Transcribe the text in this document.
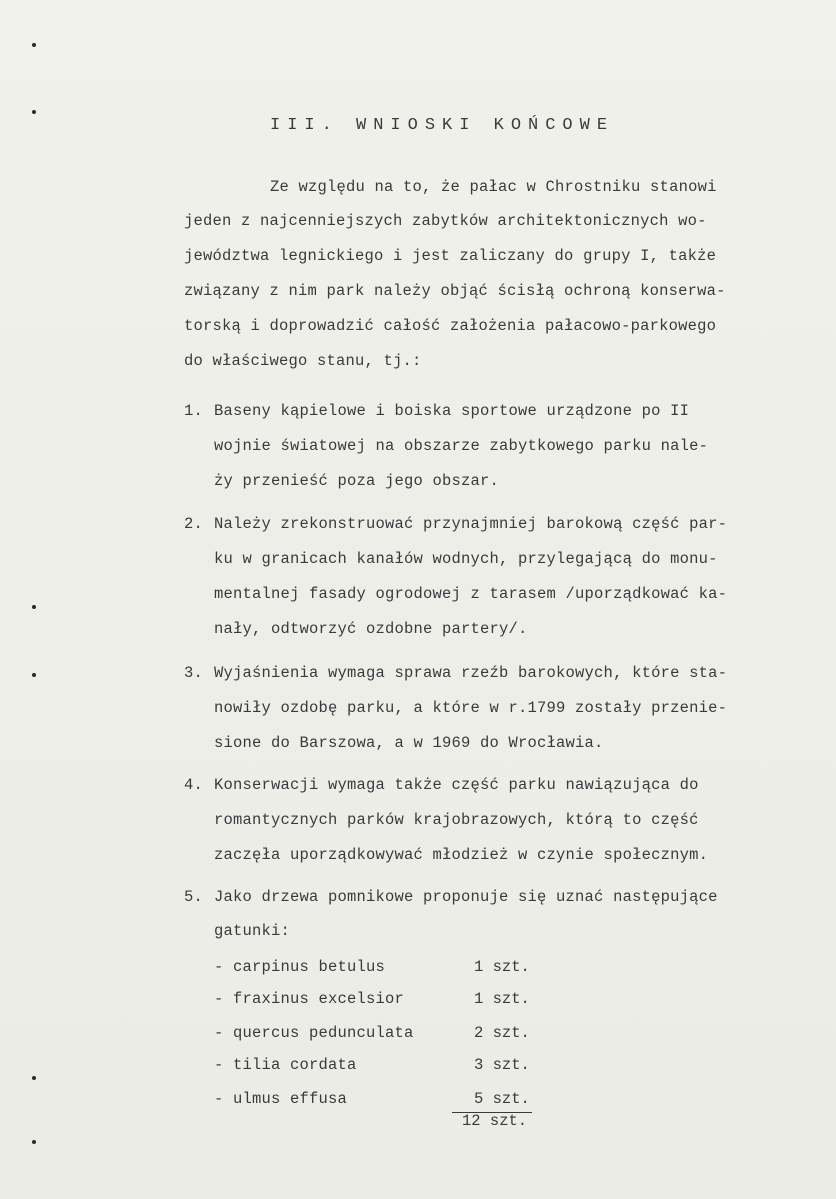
III. WNIOSKI KOŃCOWE
Ze względu na to, że pałac w Chrostniku stanowi
jeden z najcenniejszych zabytków architektonicznych wo-
jewództwa legnickiego i jest zaliczany do grupy I, także
związany z nim park należy objąć ścisłą ochroną konserwa-
torską i doprowadzić całość założenia pałacowo-parkowego
do właściwego stanu, tj.:
1. Baseny kąpielowe i boiska sportowe urządzone po II
wojnie światowej na obszarze zabytkowego parku nale-
ży przenieść poza jego obszar.
2. Należy zrekonstruować przynajmniej barokową część par-
ku w granicach kanałów wodnych, przylegającą do monu-
mentalnej fasady ogrodowej z tarasem /uporządkować ka-
nały, odtworzyć ozdobne partery/.
3. Wyjaśnienia wymaga sprawa rzeźb barokowych, które sta-
nowiły ozdobę parku, a które w r.1799 zostały przenie-
sione do Barszowa, a w 1969 do Wrocławia.
4. Konserwacji wymaga także część parku nawiązująca do
romantycznych parków krajobrazowych, którą to część
zaczęła uporządkowywać młodzież w czynie społecznym.
5. Jako drzewa pomnikowe proponuje się uznać następujące
gatunki:
- carpinus betulus	1 szt.
- fraxinus excelsior	1 szt.
- quercus pedunculata	2 szt.
- tilia cordata	3 szt.
- ulmus effusa	5 szt.
12 szt.
